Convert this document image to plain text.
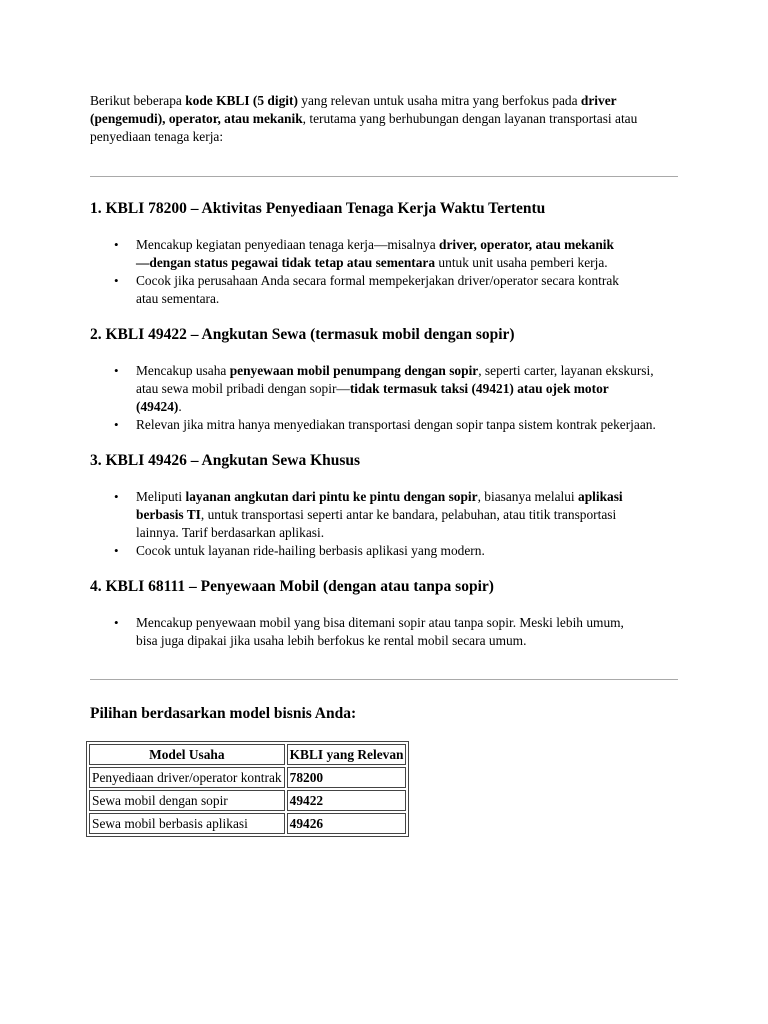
Berikut beberapa kode KBLI (5 digit) yang relevan untuk usaha mitra yang berfokus pada driver (pengemudi), operator, atau mekanik, terutama yang berhubungan dengan layanan transportasi atau penyediaan tenaga kerja:

1. KBLI 78200 – Aktivitas Penyediaan Tenaga Kerja Waktu Tertentu
• Mencakup kegiatan penyediaan tenaga kerja—misalnya driver, operator, atau mekanik—dengan status pegawai tidak tetap atau sementara untuk unit usaha pemberi kerja.
• Cocok jika perusahaan Anda secara formal mempekerjakan driver/operator secara kontrak atau sementara.
2. KBLI 49422 – Angkutan Sewa (termasuk mobil dengan sopir)
• Mencakup usaha penyewaan mobil penumpang dengan sopir, seperti carter, layanan ekskursi, atau sewa mobil pribadi dengan sopir—tidak termasuk taksi (49421) atau ojek motor (49424).
• Relevan jika mitra hanya menyediakan transportasi dengan sopir tanpa sistem kontrak pekerjaan.
3. KBLI 49426 – Angkutan Sewa Khusus
• Meliputi layanan angkutan dari pintu ke pintu dengan sopir, biasanya melalui aplikasi berbasis TI, untuk transportasi seperti antar ke bandara, pelabuhan, atau titik transportasi lainnya. Tarif berdasarkan aplikasi.
• Cocok untuk layanan ride-hailing berbasis aplikasi yang modern.
4. KBLI 68111 – Penyewaan Mobil (dengan atau tanpa sopir)
• Mencakup penyewaan mobil yang bisa ditemani sopir atau tanpa sopir. Meski lebih umum, bisa juga dipakai jika usaha lebih berfokus ke rental mobil secara umum.
Pilihan berdasarkan model bisnis Anda:
Model Usaha	KBLI yang Relevan
Penyediaan driver/operator kontrak	78200
Sewa mobil dengan sopir	49422
Sewa mobil berbasis aplikasi	49426
